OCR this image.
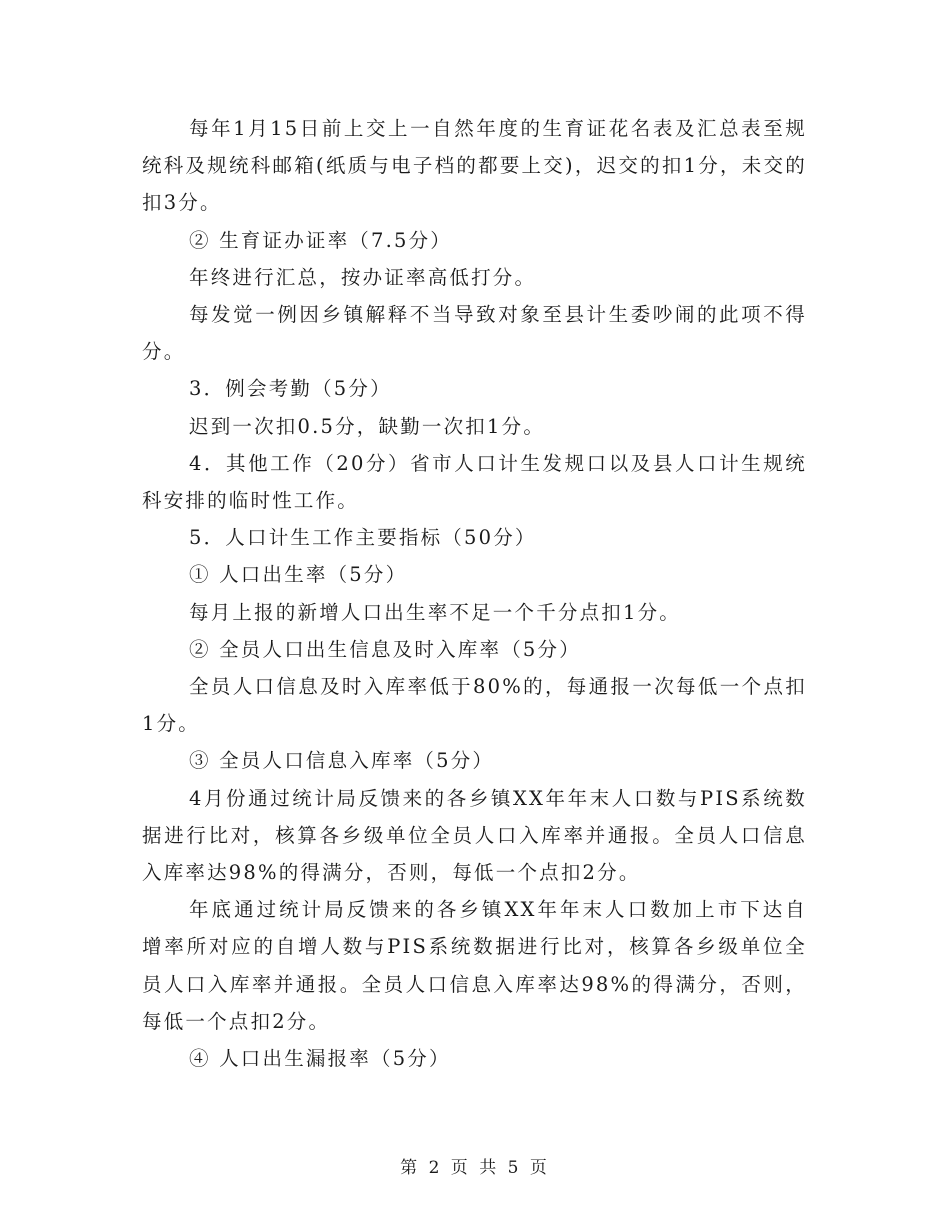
每年1月15日前上交上一自然年度的生育证花名表及汇总表至规统科及规统科邮箱(纸质与电子档的都要上交)，迟交的扣1分，未交的扣3分。

② 生育证办证率（7.5分）

年终进行汇总，按办证率高低打分。

每发觉一例因乡镇解释不当导致对象至县计生委吵闹的此项不得分。

3．例会考勤（5分）

迟到一次扣0.5分，缺勤一次扣1分。

4．其他工作（20分）省市人口计生发规口以及县人口计生规统科安排的临时性工作。

5．人口计生工作主要指标（50分）

① 人口出生率（5分）

每月上报的新增人口出生率不足一个千分点扣1分。

② 全员人口出生信息及时入库率（5分）

全员人口信息及时入库率低于80%的，每通报一次每低一个点扣1分。

③ 全员人口信息入库率（5分）

4月份通过统计局反馈来的各乡镇XX年年末人口数与PIS系统数据进行比对，核算各乡级单位全员人口入库率并通报。全员人口信息入库率达98%的得满分，否则，每低一个点扣2分。

年底通过统计局反馈来的各乡镇XX年年末人口数加上市下达自增率所对应的自增人数与PIS系统数据进行比对，核算各乡级单位全员人口入库率并通报。全员人口信息入库率达98%的得满分，否则，每低一个点扣2分。

④ 人口出生漏报率（5分）

第 2 页 共 5 页
